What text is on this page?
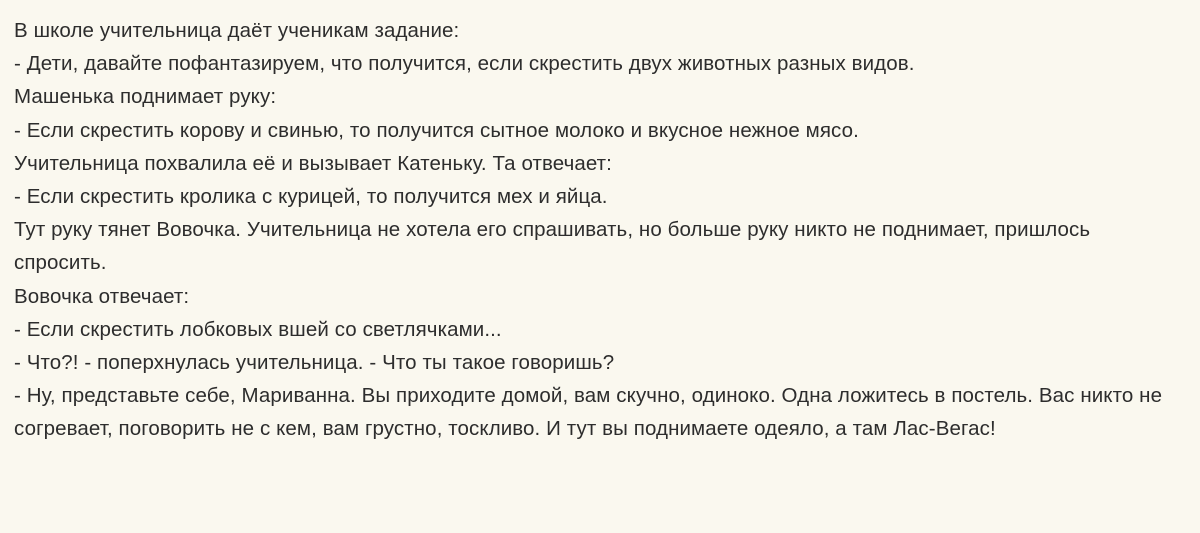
В школе учительница даёт ученикам задание:
- Дети, давайте пофантазируем, что получится, если скрестить двух животных разных видов.
Машенька поднимает руку:
- Если скрестить корову и свинью, то получится сытное молоко и вкусное нежное мясо.
Учительница похвалила её и вызывает Катеньку. Та отвечает:
- Если скрестить кролика с курицей, то получится мех и яйца.
Тут руку тянет Вовочка. Учительница не хотела его спрашивать, но больше руку никто не поднимает, пришлось спросить.
Вовочка отвечает:
- Если скрестить лобковых вшей со светлячками...
- Что?! - поперхнулась учительница. - Что ты такое говоришь?
- Ну, представьте себе, Мариванна. Вы приходите домой, вам скучно, одиноко. Одна ложитесь в постель. Вас никто не согревает, поговорить не с кем, вам грустно, тоскливо. И тут вы поднимаете одеяло, а там Лас-Вегас!
